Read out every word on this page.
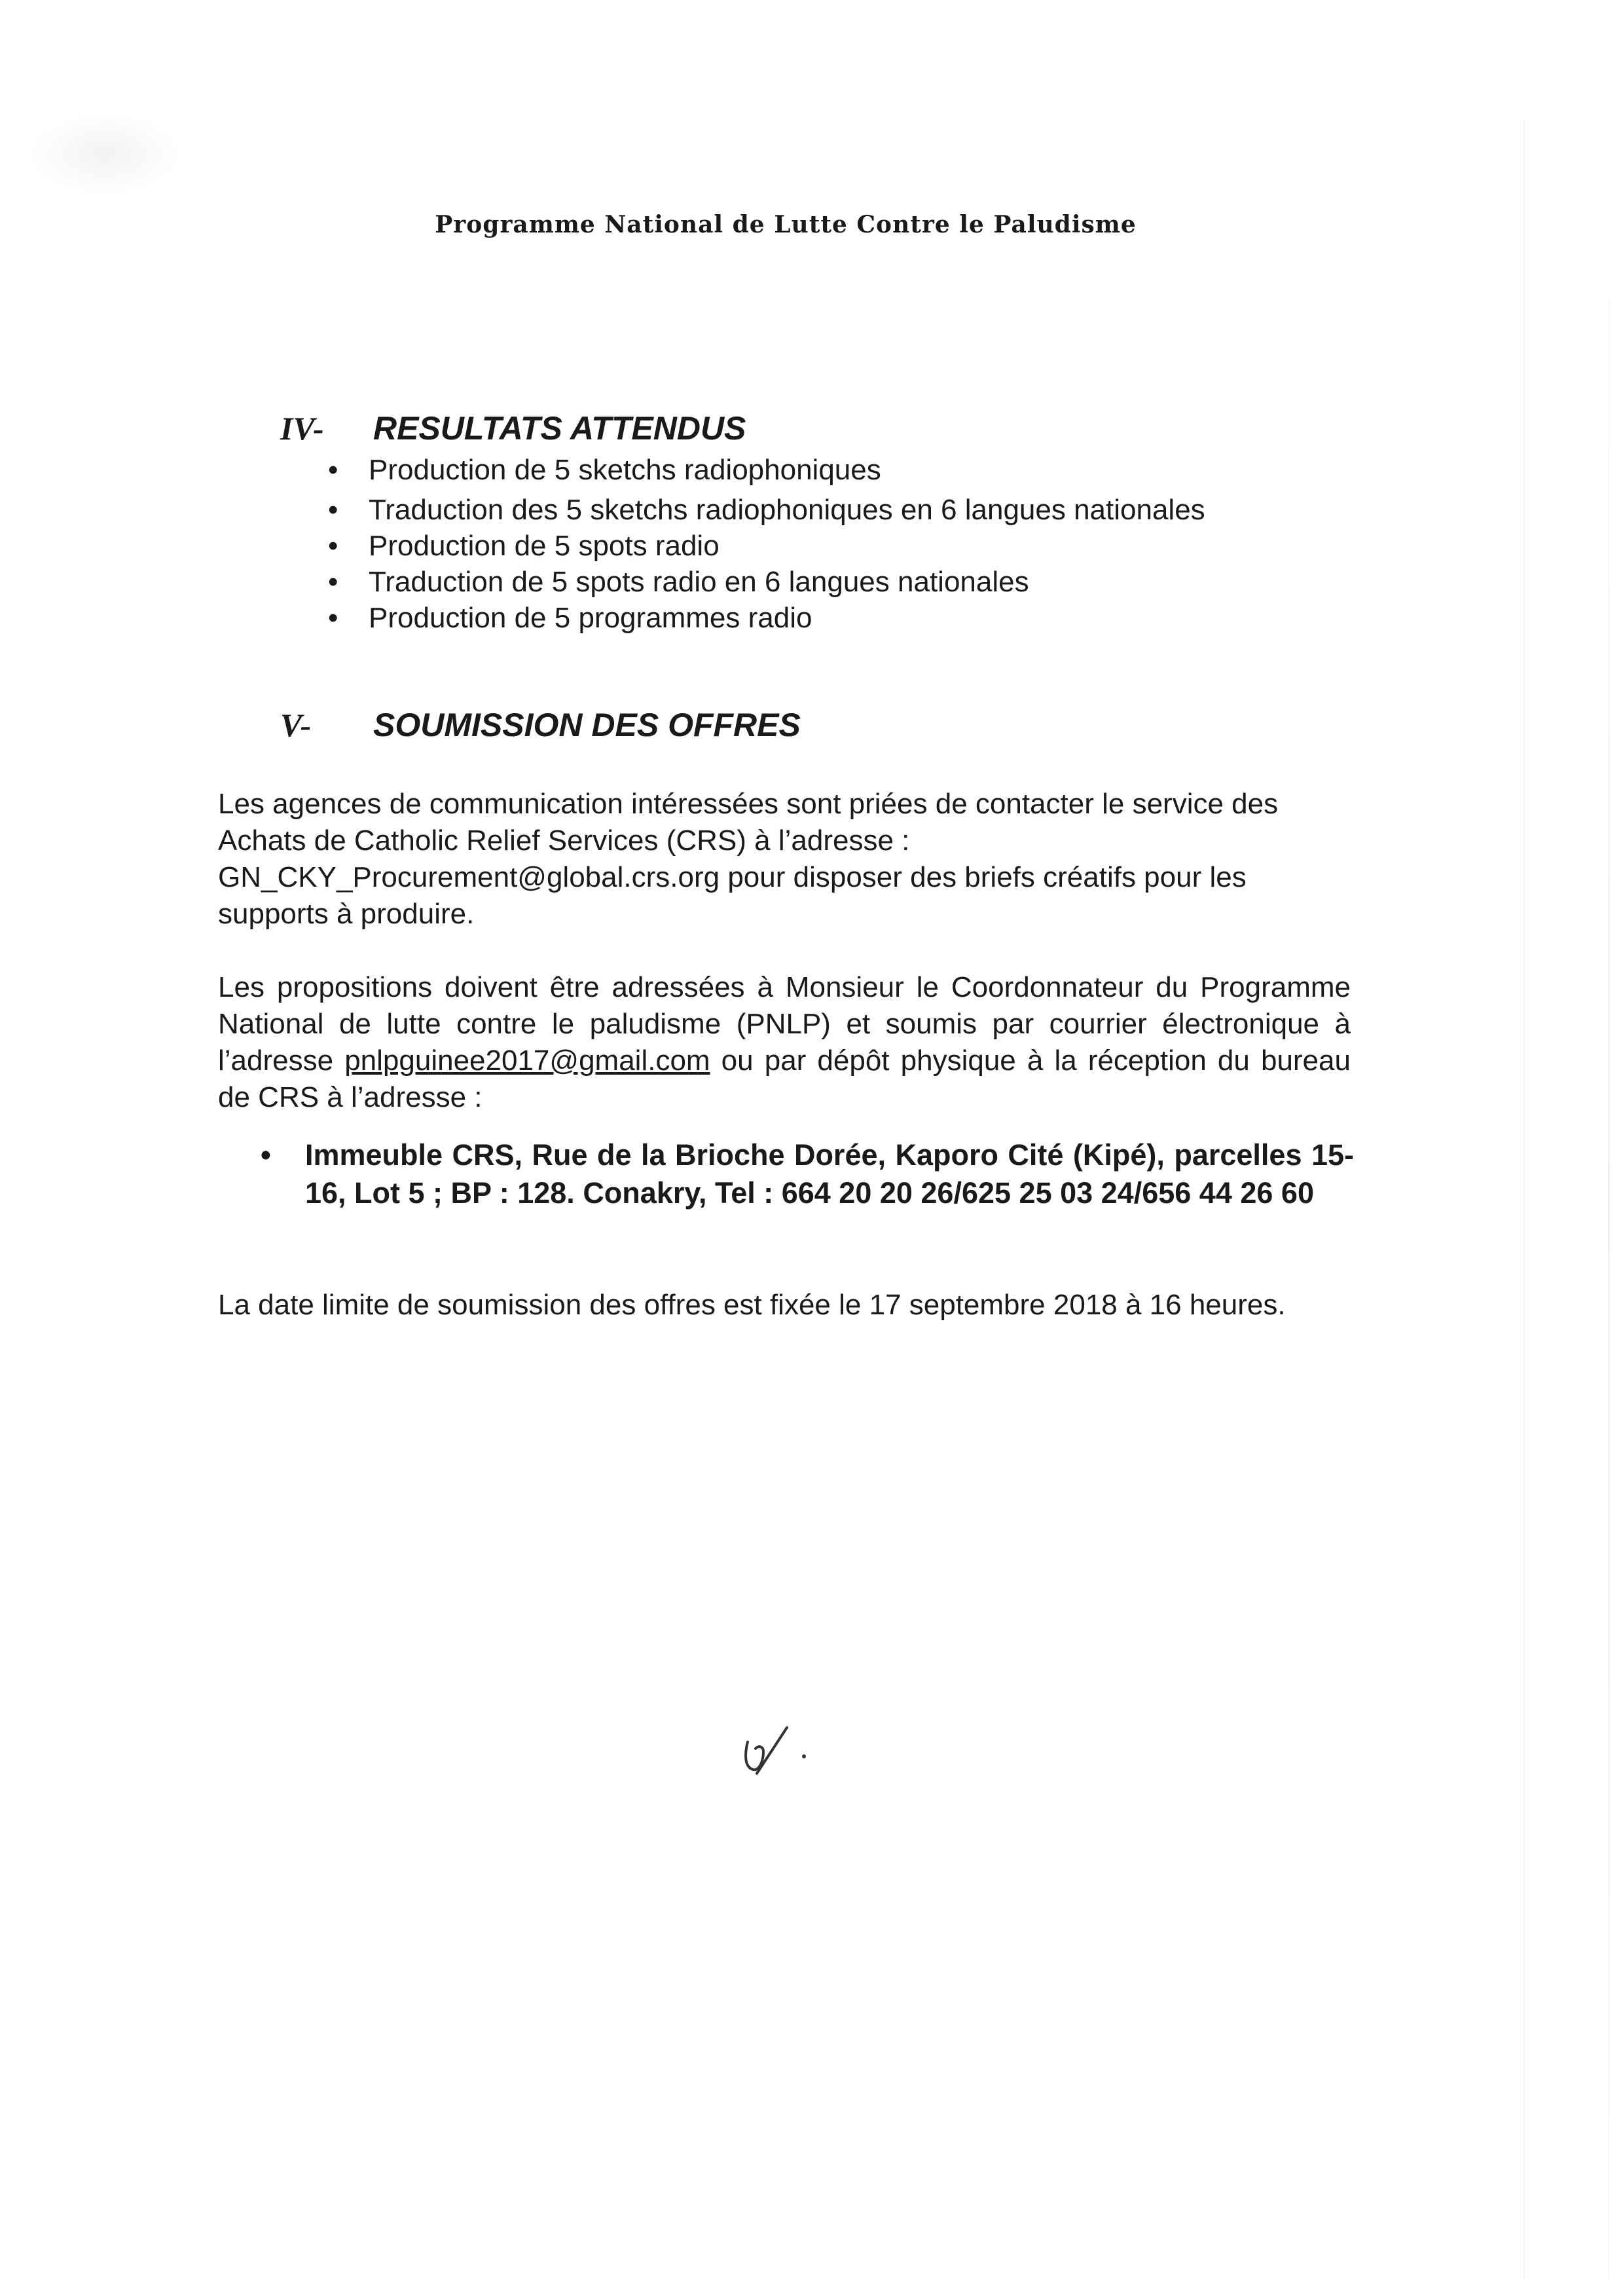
Programme National de Lutte Contre le Paludisme
IV- RESULTATS ATTENDUS
• Production de 5 sketchs radiophoniques
• Traduction des 5 sketchs radiophoniques en 6 langues nationales
• Production de 5 spots radio
• Traduction de 5 spots radio en 6 langues nationales
• Production de 5 programmes radio
V- SOUMISSION DES OFFRES
Les agences de communication intéressées sont priées de contacter le service des
Achats de Catholic Relief Services (CRS) à l’adresse :
GN_CKY_Procurement@global.crs.org pour disposer des briefs créatifs pour les
supports à produire.

Les propositions doivent être adressées à Monsieur le Coordonnateur du Programme National de lutte contre le paludisme (PNLP) et soumis par courrier électronique à l’adresse pnlpguinee2017@gmail.com ou par dépôt physique à la réception du bureau de CRS à l’adresse :

• Immeuble CRS, Rue de la Brioche Dorée, Kaporo Cité (Kipé), parcelles 15-16, Lot 5 ; BP : 128. Conakry, Tel : 664 20 20 26/625 25 03 24/656 44 26 60
La date limite de soumission des offres est fixée le 17 septembre 2018 à 16 heures.
